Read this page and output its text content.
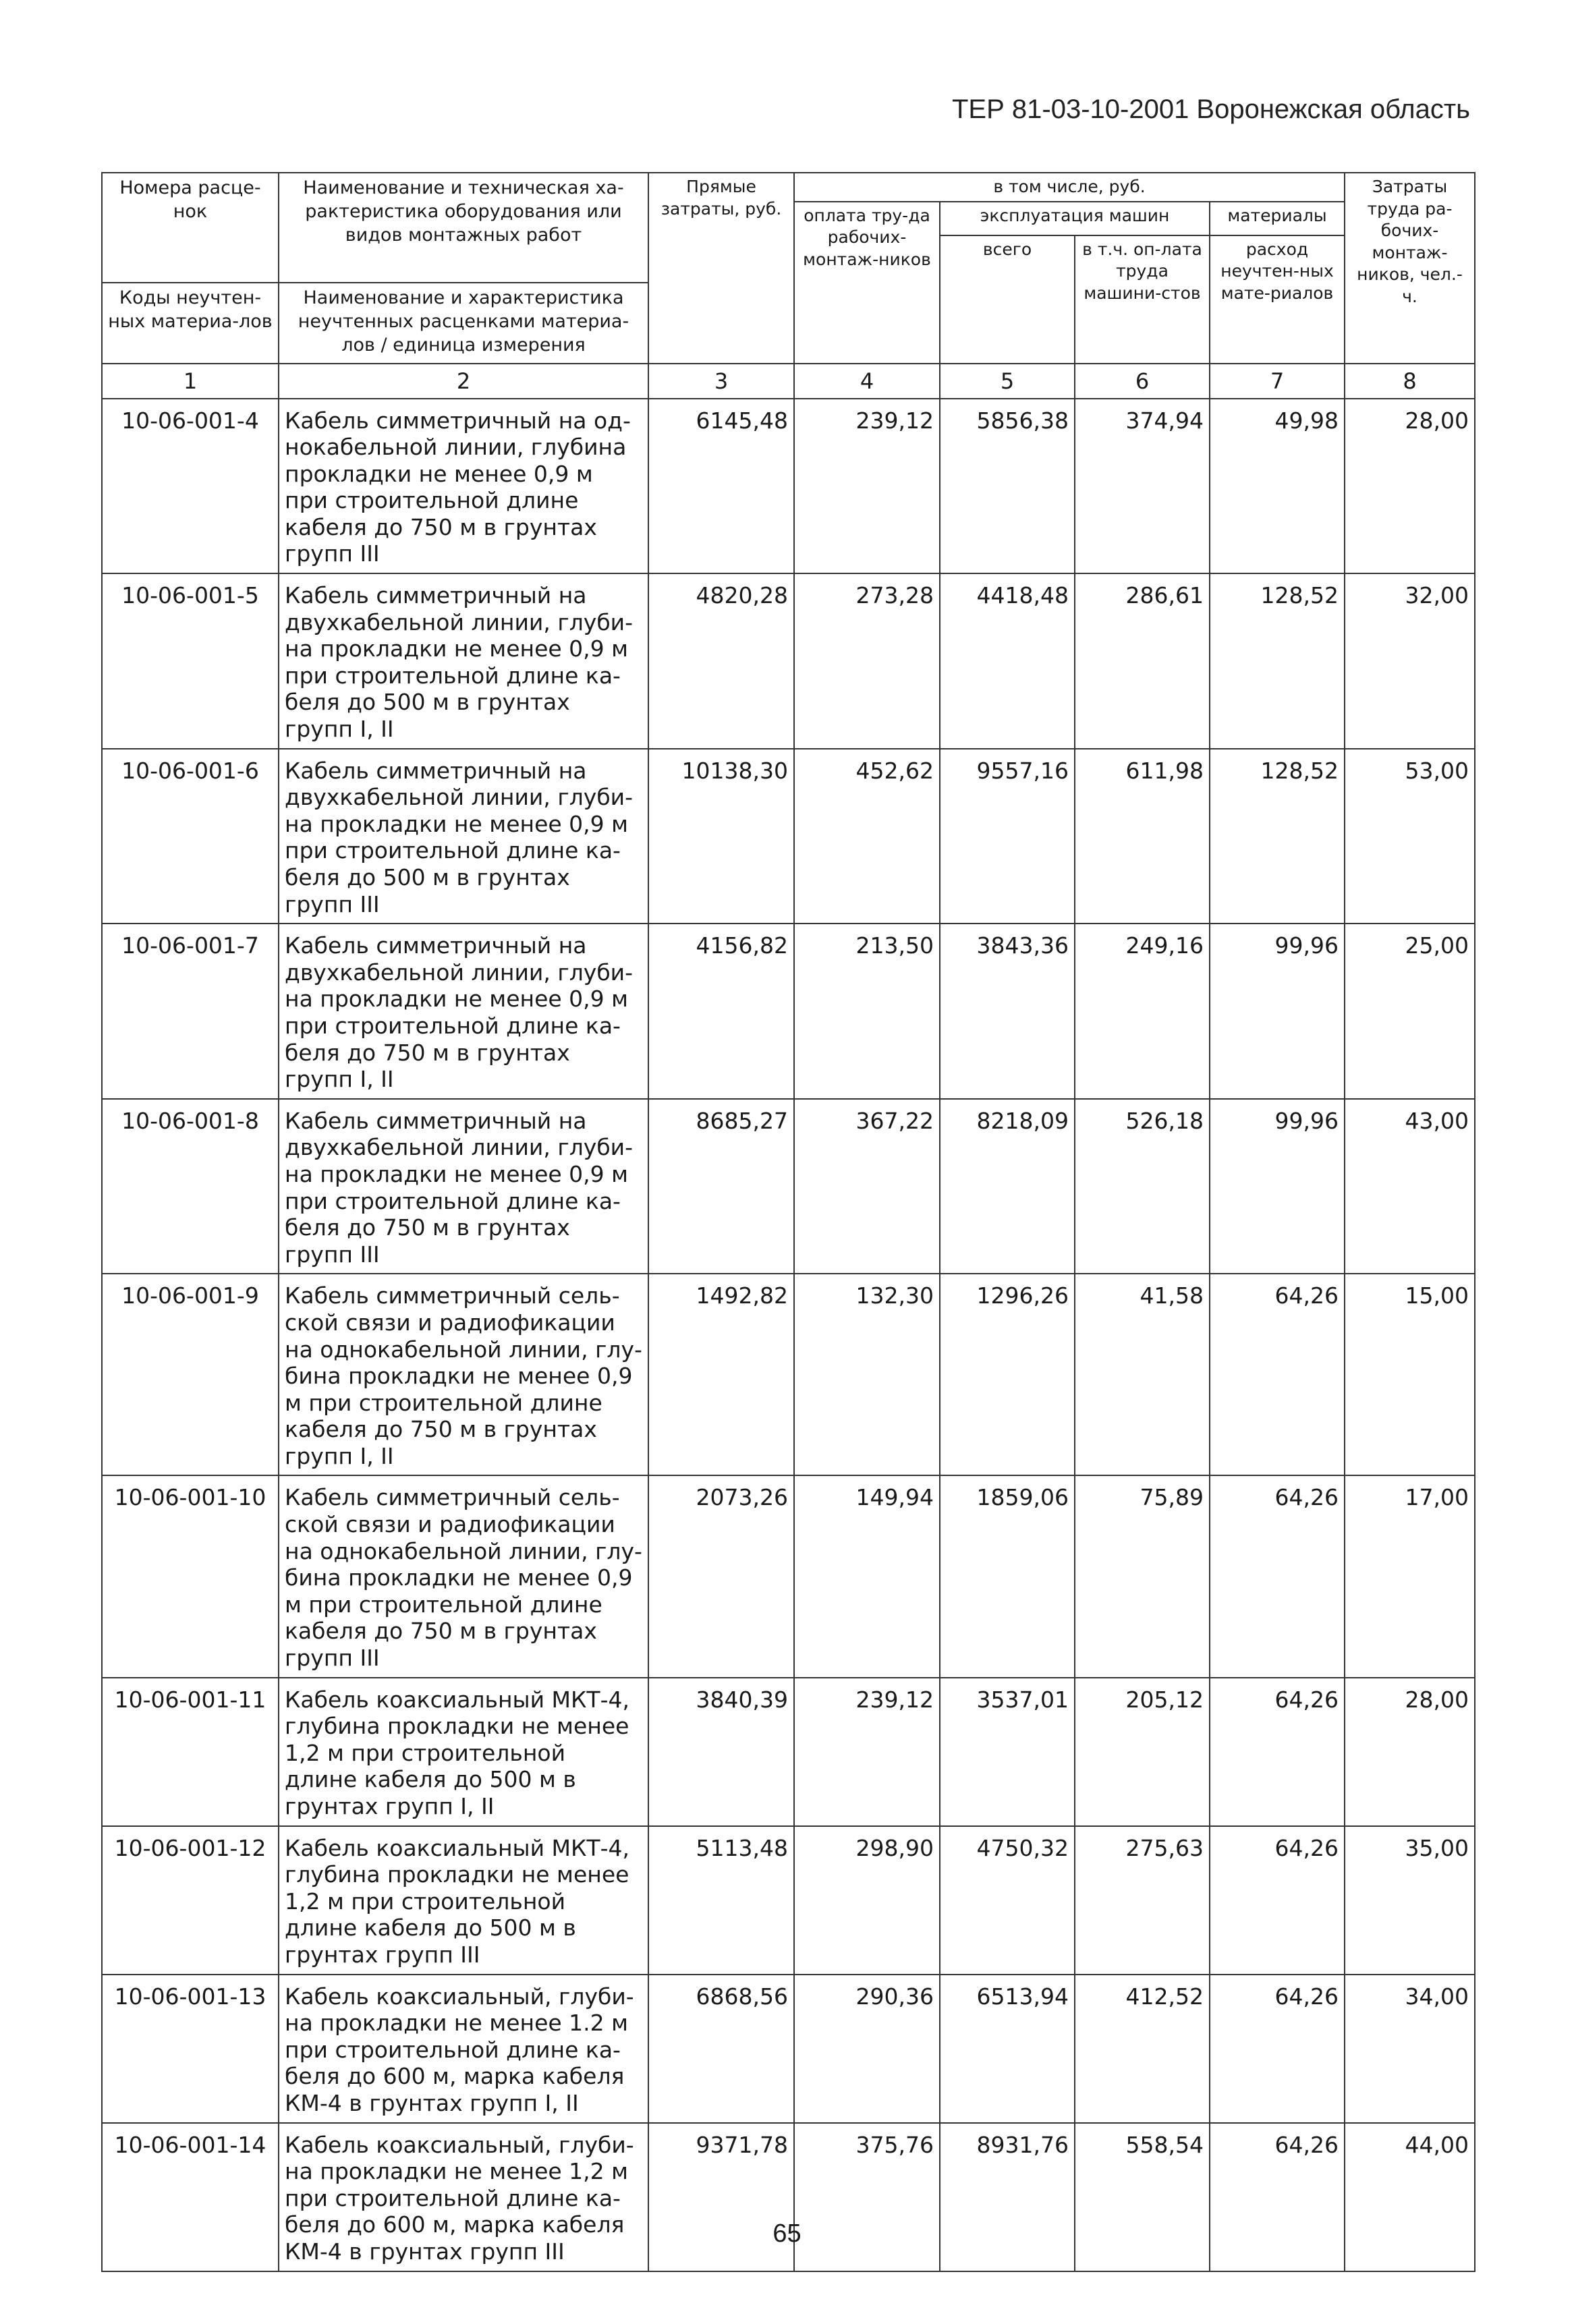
ТЕР 81-03-10-2001 Воронежская область
Номера расце-нок	Наименование и техническая ха-рактеристика оборудования или видов монтажных работ	Прямые затраты, руб.	в том числе, руб.				Затраты труда ра-бочих-монтаж-ников, чел.-ч.
			оплата тру-да рабочих-монтаж-ников	эксплуатация машин		материалы	
				всего	в т.ч. оп-лата труда машини-стов	расход неучтен-ных мате-риалов	
Коды неучтен-ных материа-лов	Наименование и характеристика неучтенных расценками материа-лов / единица измерения						

1	2	3	4	5	6	7	8
10-06-001-4	Кабель симметричный на од-нокабельной линии, глубина прокладки не менее 0,9 м при строительной длине кабеля до 750 м в грунтах групп III	6145,48	239,12	5856,38	374,94	49,98	28,00
10-06-001-5	Кабель симметричный на двухкабельной линии, глуби-на прокладки не менее 0,9 м при строительной длине ка-беля до 500 м в грунтах групп I, II	4820,28	273,28	4418,48	286,61	128,52	32,00
10-06-001-6	Кабель симметричный на двухкабельной линии, глуби-на прокладки не менее 0,9 м при строительной длине ка-беля до 500 м в грунтах групп III	10138,30	452,62	9557,16	611,98	128,52	53,00
10-06-001-7	Кабель симметричный на двухкабельной линии, глуби-на прокладки не менее 0,9 м при строительной длине ка-беля до 750 м в грунтах групп I, II	4156,82	213,50	3843,36	249,16	99,96	25,00
10-06-001-8	Кабель симметричный на двухкабельной линии, глуби-на прокладки не менее 0,9 м при строительной длине ка-беля до 750 м в грунтах групп III	8685,27	367,22	8218,09	526,18	99,96	43,00
10-06-001-9	Кабель симметричный сель-ской связи и радиофикации на однокабельной линии, глу-бина прокладки не менее 0,9 м при строительной длине кабеля до 750 м в грунтах групп I, II	1492,82	132,30	1296,26	41,58	64,26	15,00
10-06-001-10	Кабель симметричный сель-ской связи и радиофикации на однокабельной линии, глу-бина прокладки не менее 0,9 м при строительной длине кабеля до 750 м в грунтах групп III	2073,26	149,94	1859,06	75,89	64,26	17,00
10-06-001-11	Кабель коаксиальный МКТ-4, глубина прокладки не менее 1,2 м при строительной длине кабеля до 500 м в грунтах групп I, II	3840,39	239,12	3537,01	205,12	64,26	28,00
10-06-001-12	Кабель коаксиальный МКТ-4, глубина прокладки не менее 1,2 м при строительной длине кабеля до 500 м в грунтах групп III	5113,48	298,90	4750,32	275,63	64,26	35,00
10-06-001-13	Кабель коаксиальный, глуби-на прокладки не менее 1.2 м при строительной длине ка-беля до 600 м, марка кабеля КМ-4 в грунтах групп I, II	6868,56	290,36	6513,94	412,52	64,26	34,00
10-06-001-14	Кабель коаксиальный, глуби-на прокладки не менее 1,2 м при строительной длине ка-беля до 600 м, марка кабеля КМ-4 в грунтах групп III	9371,78	375,76	8931,76	558,54	64,26	44,00
65
